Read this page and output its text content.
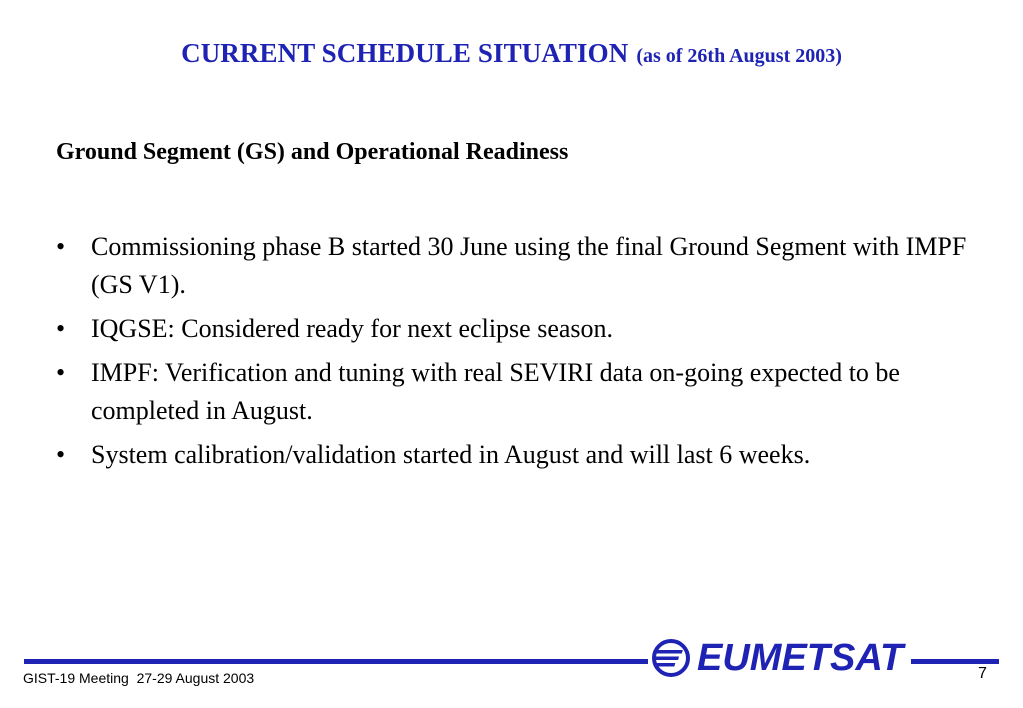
CURRENT SCHEDULE SITUATION (as of 26th August 2003)
Ground Segment (GS) and Operational Readiness
• Commissioning phase B started 30 June using the final Ground Segment with IMPF (GS V1).
• IQGSE: Considered ready for next eclipse season.
• IMPF: Verification and tuning with real SEVIRI data on-going expected to be completed in August.
• System calibration/validation started in August and will last 6 weeks.
EUMETSAT
GIST-19 Meeting  27-29 August 2003	7
